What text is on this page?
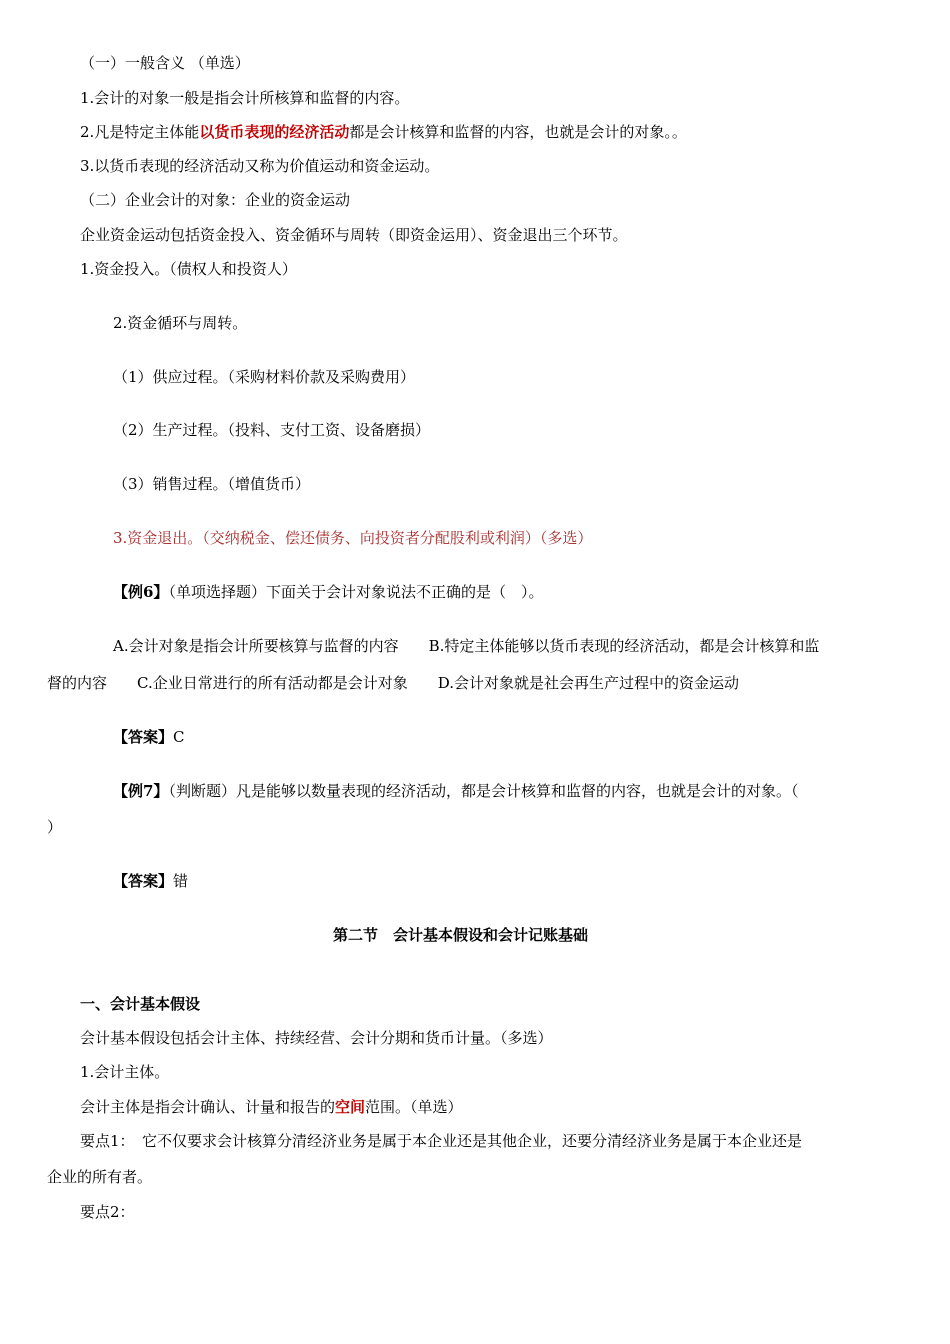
（一）一般含义 （单选）
1.会计的对象一般是指会计所核算和监督的内容。
2.凡是特定主体能以货币表现的经济活动都是会计核算和监督的内容，也就是会计的对象。。
3.以货币表现的经济活动又称为价值运动和资金运动。
（二）企业会计的对象：企业的资金运动
企业资金运动包括资金投入、资金循环与周转（即资金运用）、资金退出三个环节。
1.资金投入。（债权人和投资人）
2.资金循环与周转。
（1）供应过程。（采购材料价款及采购费用）
（2）生产过程。（投料、支付工资、设备磨损）
（3）销售过程。（增值货币）
3.资金退出。（交纳税金、偿还债务、向投资者分配股利或利润）（多选）
【例6】（单项选择题）下面关于会计对象说法不正确的是（　）。
A.会计对象是指会计所要核算与监督的内容　　B.特定主体能够以货币表现的经济活动，都是会计核算和监
督的内容　　C.企业日常进行的所有活动都是会计对象　　D.会计对象就是社会再生产过程中的资金运动
【答案】C
【例7】（判断题）凡是能够以数量表现的经济活动，都是会计核算和监督的内容，也就是会计的对象。（
）
【答案】错
第二节　会计基本假设和会计记账基础
一、会计基本假设
会计基本假设包括会计主体、持续经营、会计分期和货币计量。（多选）
1.会计主体。
会计主体是指会计确认、计量和报告的空间范围。（单选）
要点1：　它不仅要求会计核算分清经济业务是属于本企业还是其他企业，还要分清经济业务是属于本企业还是
企业的所有者。
要点2：
